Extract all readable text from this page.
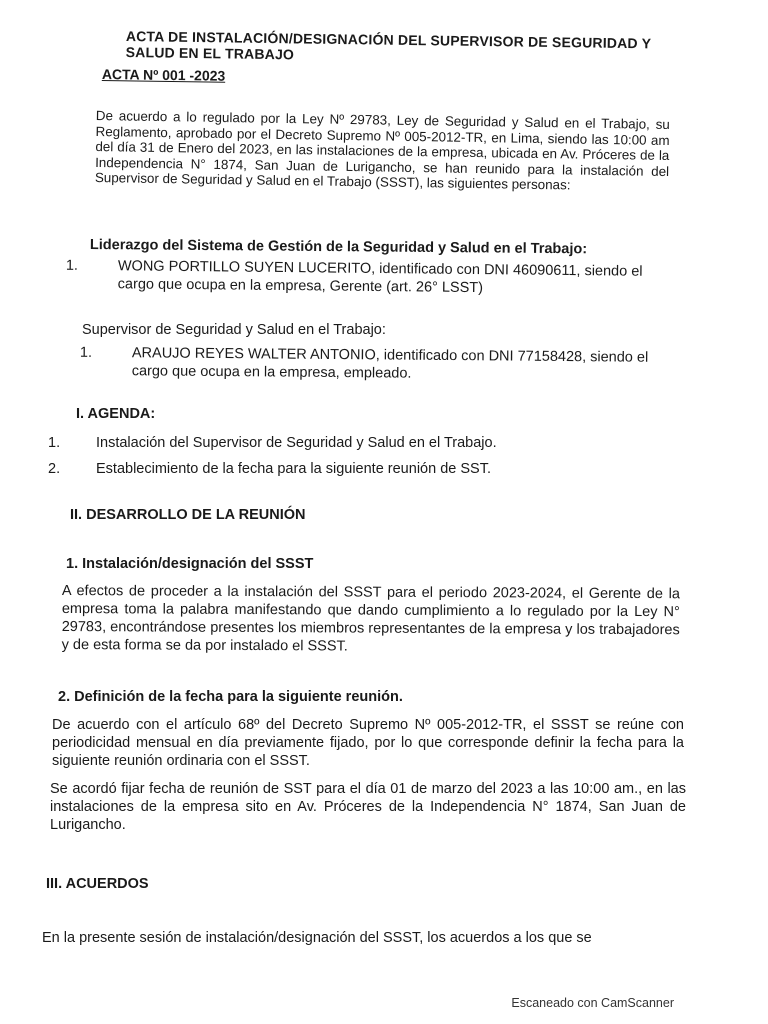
ACTA DE INSTALACIÓN/DESIGNACIÓN DEL SUPERVISOR DE SEGURIDAD Y SALUD EN EL TRABAJO

ACTA Nº 001 -2023

De acuerdo a lo regulado por la Ley Nº 29783, Ley de Seguridad y Salud en el Trabajo, su Reglamento, aprobado por el Decreto Supremo Nº 005-2012-TR, en Lima, siendo las 10:00 am del día 31 de Enero del 2023, en las instalaciones de la empresa, ubicada en Av. Próceres de la Independencia N° 1874, San Juan de Lurigancho, se han reunido para la instalación del Supervisor de Seguridad y Salud en el Trabajo (SSST), las siguientes personas:

Liderazgo del Sistema de Gestión de la Seguridad y Salud en el Trabajo:

1.	WONG PORTILLO SUYEN LUCERITO, identificado con DNI 46090611, siendo el cargo que ocupa en la empresa, Gerente (art. 26° LSST)

Supervisor de Seguridad y Salud en el Trabajo:

1.	ARAUJO REYES WALTER ANTONIO, identificado con DNI 77158428, siendo el cargo que ocupa en la empresa, empleado.

I. AGENDA:

1. Instalación del Supervisor de Seguridad y Salud en el Trabajo.
2. Establecimiento de la fecha para la siguiente reunión de SST.

II. DESARROLLO DE LA REUNIÓN

1. Instalación/designación del SSST

A efectos de proceder a la instalación del SSST para el periodo 2023-2024, el Gerente de la empresa toma la palabra manifestando que dando cumplimiento a lo regulado por la Ley N° 29783, encontrándose presentes los miembros representantes de la empresa y los trabajadores y de esta forma se da por instalado el SSST.

2. Definición de la fecha para la siguiente reunión.

De acuerdo con el artículo 68º del Decreto Supremo Nº 005-2012-TR, el SSST se reúne con periodicidad mensual en día previamente fijado, por lo que corresponde definir la fecha para la siguiente reunión ordinaria con el SSST.

Se acordó fijar fecha de reunión de SST para el día 01 de marzo del 2023 a las 10:00 am., en las instalaciones de la empresa sito en Av. Próceres de la Independencia N° 1874, San Juan de Lurigancho.

III. ACUERDOS

En la presente sesión de instalación/designación del SSST, los acuerdos a los que se

Escaneado con CamScanner
